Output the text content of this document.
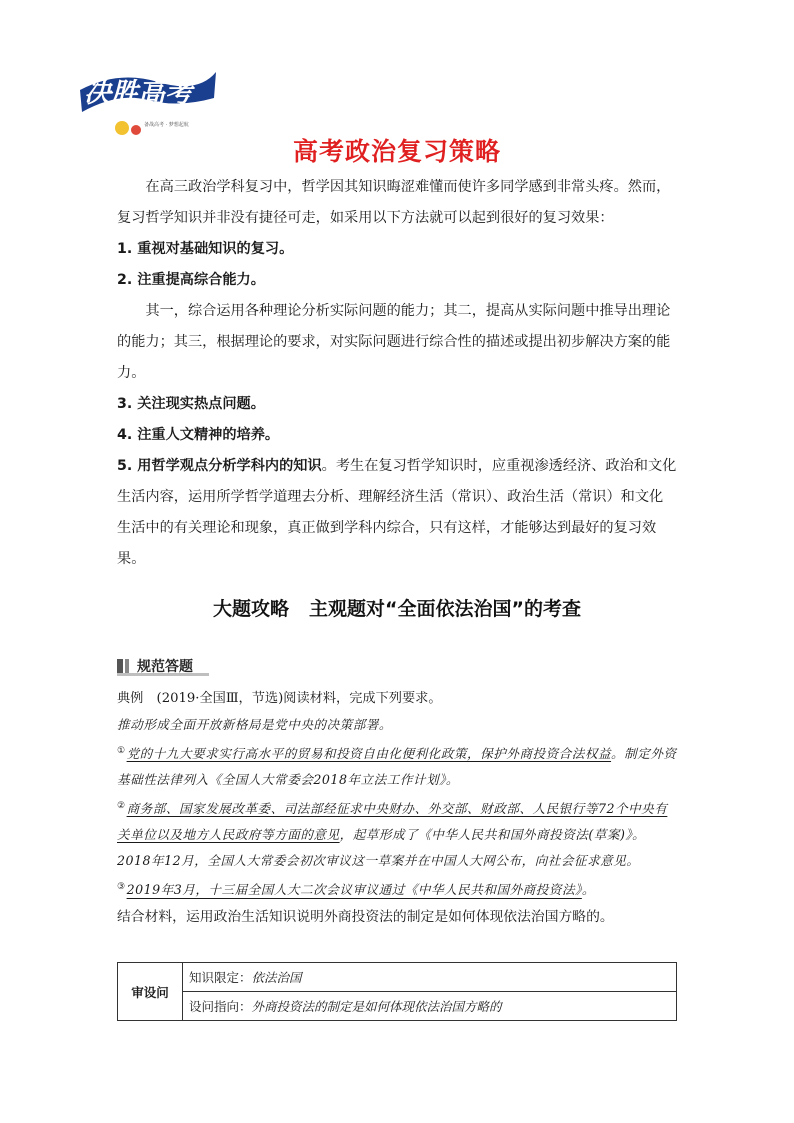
决胜高考
备战高考 · 梦想起航
高考政治复习策略

在高三政治学科复习中，哲学因其知识晦涩难懂而使许多同学感到非常头疼。然而，复习哲学知识并非没有捷径可走，如采用以下方法就可以起到很好的复习效果：

1. 重视对基础知识的复习。

2. 注重提高综合能力。

其一，综合运用各种理论分析实际问题的能力；其二，提高从实际问题中推导出理论的能力；其三，根据理论的要求，对实际问题进行综合性的描述或提出初步解决方案的能力。

3. 关注现实热点问题。

4. 注重人文精神的培养。

5. 用哲学观点分析学科内的知识。考生在复习哲学知识时，应重视渗透经济、政治和文化生活内容，运用所学哲学道理去分析、理解经济生活（常识）、政治生活（常识）和文化生活中的有关理论和现象，真正做到学科内综合，只有这样，才能够达到最好的复习效果。

大题攻略 主观题对“全面依法治国”的考查
规范答题

典例　(2019·全国Ⅲ，节选)阅读材料，完成下列要求。

推动形成全面开放新格局是党中央的决策部署。

①党的十九大要求实行高水平的贸易和投资自由化便利化政策，保护外商投资合法权益。制定外资基础性法律列入《全国人大常委会2018年立法工作计划》。

②商务部、国家发展改革委、司法部经征求中央财办、外交部、财政部、人民银行等72个中央有关单位以及地方人民政府等方面的意见，起草形成了《中华人民共和国外商投资法(草案)》。

2018年12月，全国人大常委会初次审议这一草案并在中国人大网公布，向社会征求意见。

③2019年3月，十三届全国人大二次会议审议通过《中华人民共和国外商投资法》。

结合材料，运用政治生活知识说明外商投资法的制定是如何体现依法治国方略的。

审设问	知识限定：依法治国
设问指向：外商投资法的制定是如何体现依法治国方略的
